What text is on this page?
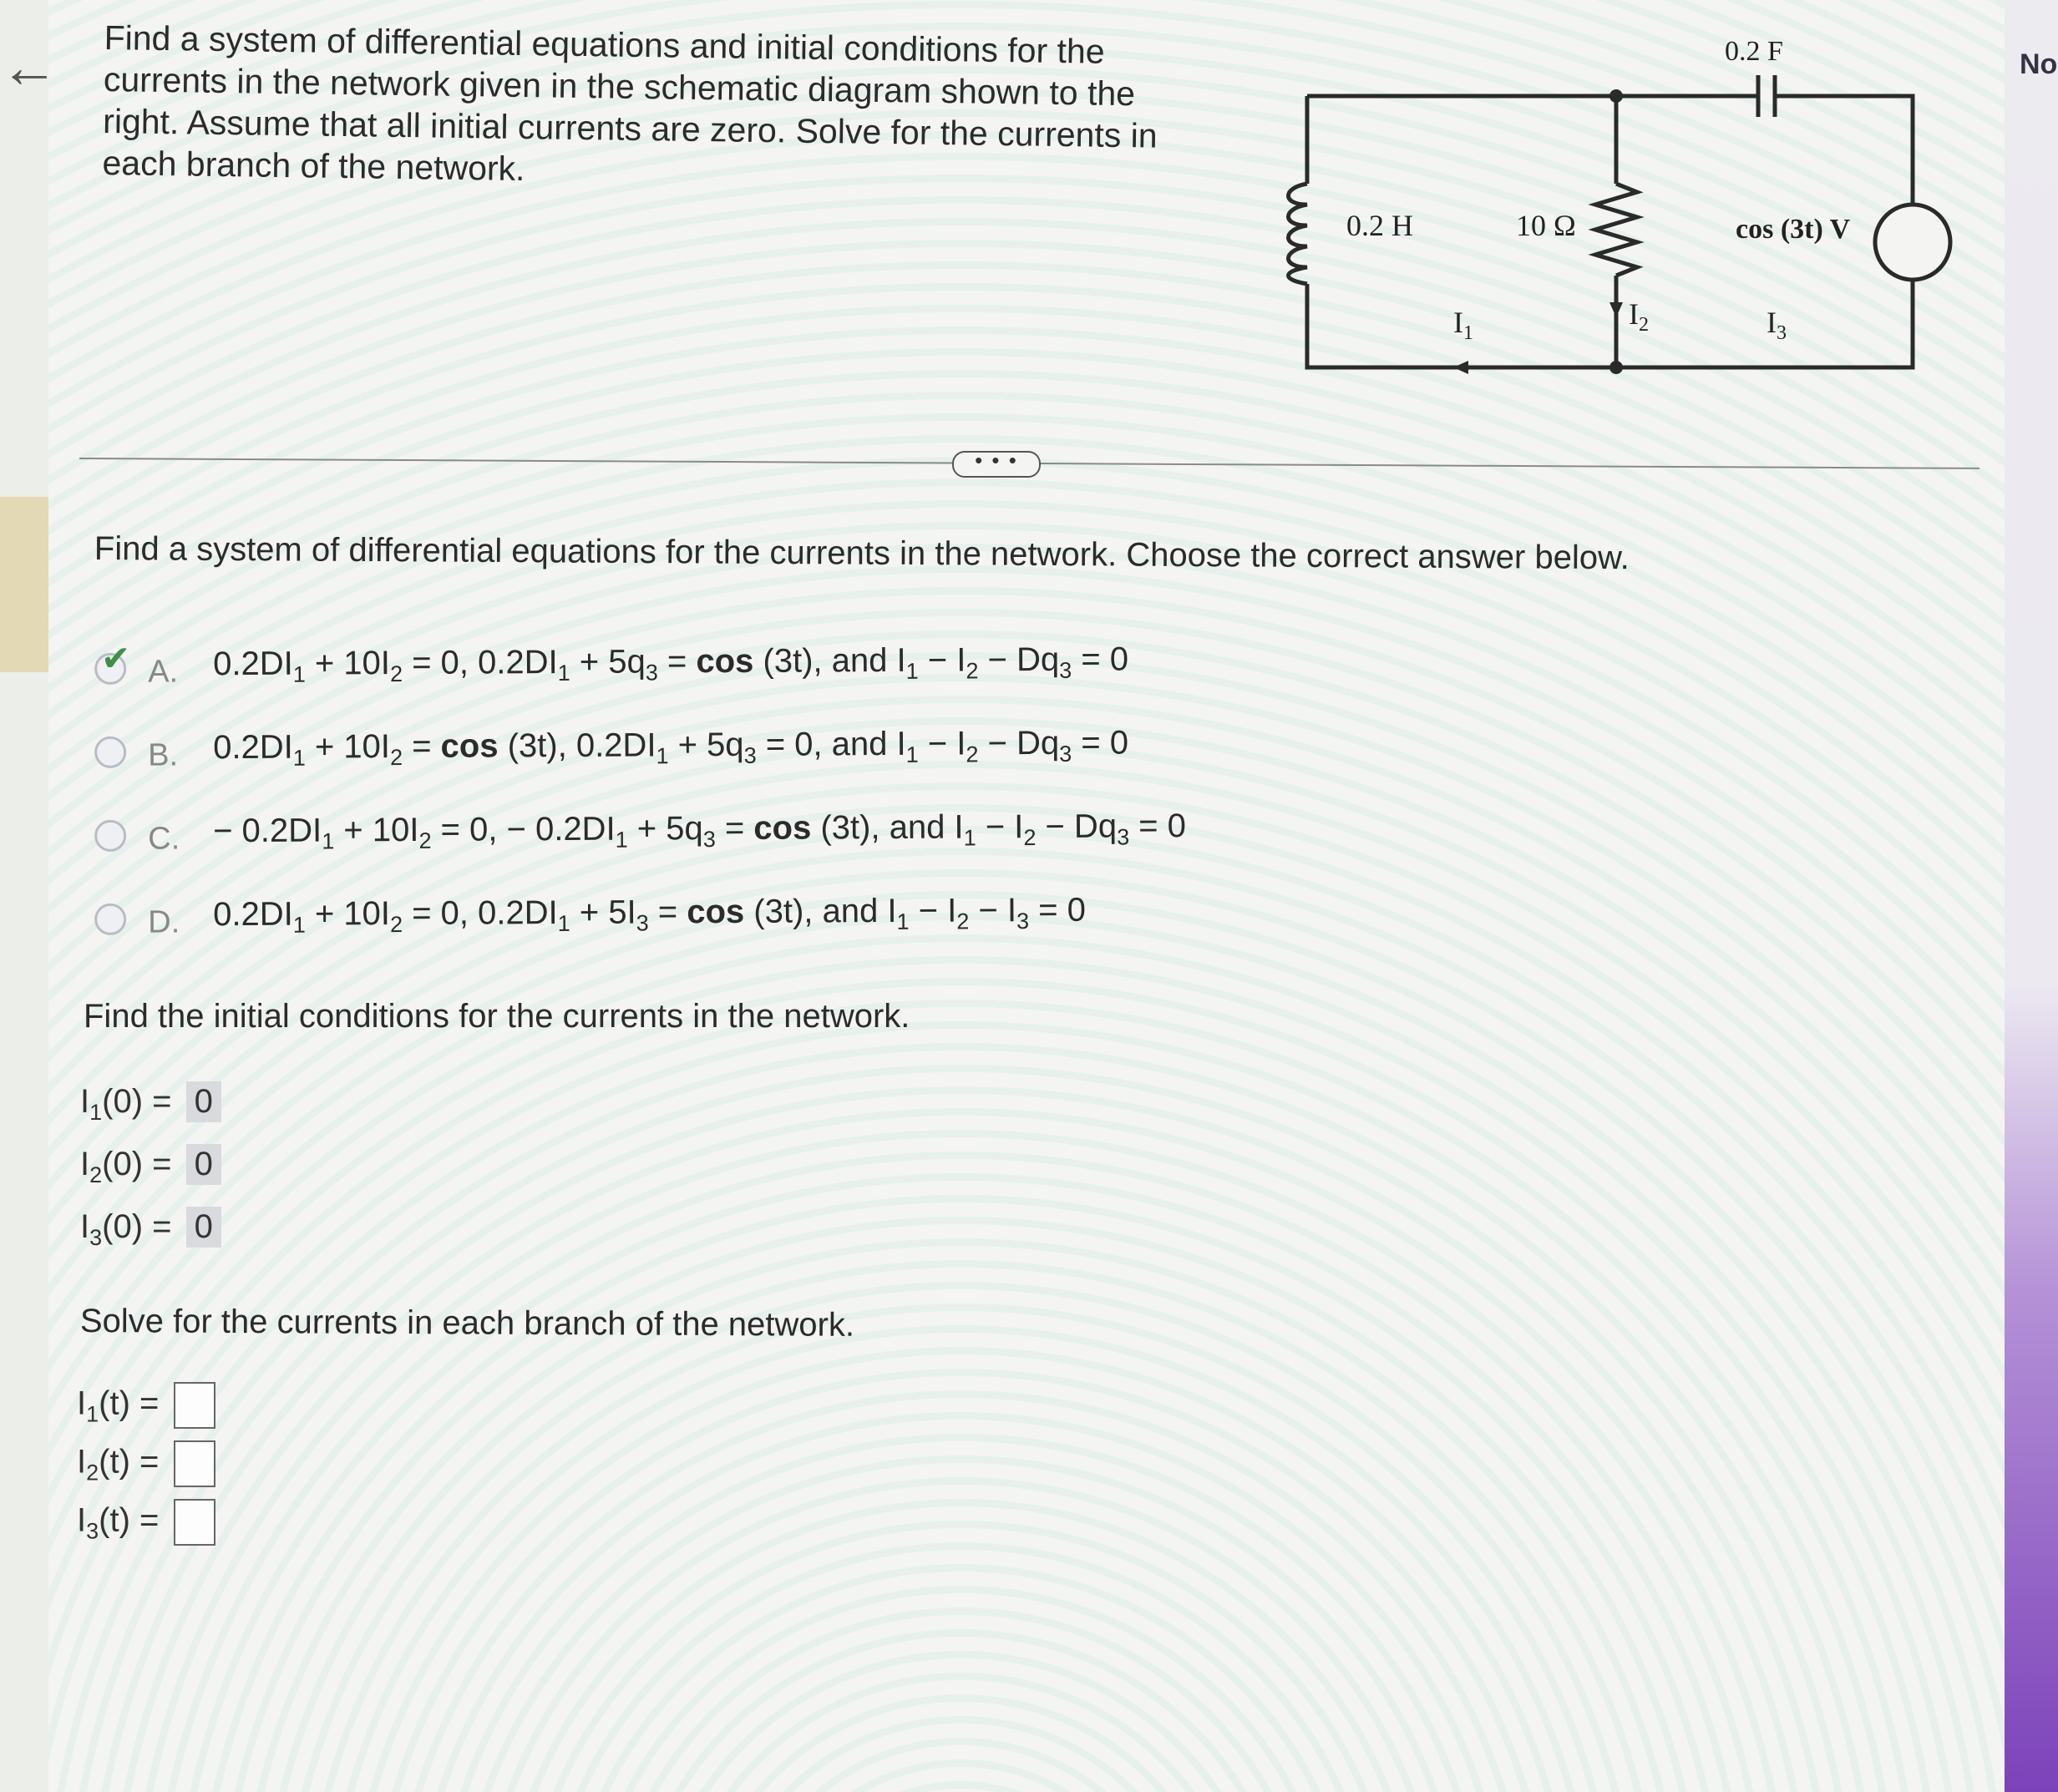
←	No
Find a system of differential equations and initial conditions for the currents in the network given in the schematic diagram shown to the right. Assume that all initial currents are zero. Solve for the currents in each branch of the network.
0.2 F
0.2 H	10 Ω	cos (3t) V
$I_1$
$I_2$	$I_3$
• • •
Find a system of differential equations for the currents in the network. Choose the correct answer below.
✔ A. $0.2DI_1 + 10I_2 = 0$, $0.2DI_1 + 5q_3 = \cos (3t)$, and $I_1 - I_2 - Dq_3 = 0$
B. $0.2DI_1 + 10I_2 = \cos (3t)$, $0.2DI_1 + 5q_3 = 0$, and $I_1 - I_2 - Dq_3 = 0$
C. − $0.2DI_1 + 10I_2 = 0$, − $0.2DI_1 + 5q_3 = \cos (3t)$, and $I_1 - I_2 - Dq_3 = 0$
D. $0.2DI_1 + 10I_2 = 0$, $0.2DI_1 + 5I_3 = \cos (3t)$, and $I_1 - I_2 - I_3 = 0$
Find the initial conditions for the currents in the network.
$I_1(0) = 0$
$I_2(0) = 0$
$I_3(0) = 0$
Solve for the currents in each branch of the network.
$I_1(t)$ =
$I_2(t)$ =
$I_3(t)$ =
